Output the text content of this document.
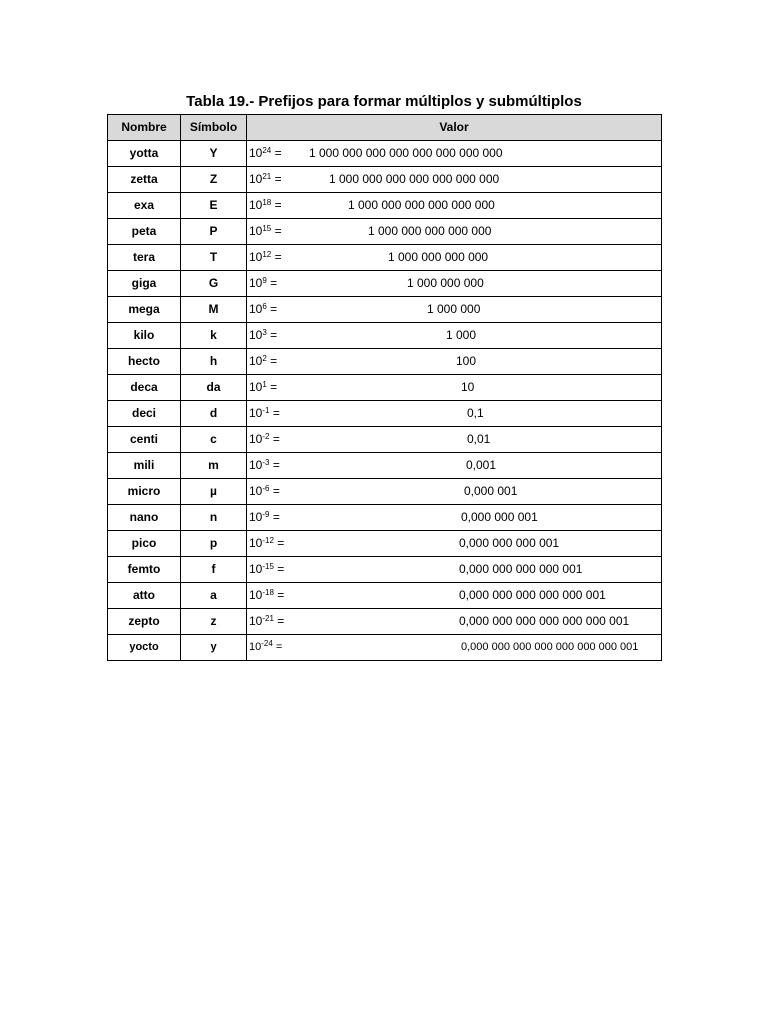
Tabla 19.- Prefijos para formar múltiplos y submúltiplos
Nombre	Símbolo	Valor
yotta	Y	$10^{24} = 1$ 000 000 000 000 000 000 000 000

zetta	Z	$10^{21} = 1$ 000 000 000 000 000 000 000

exa	E	$10^{18} = 1$ 000 000 000 000 000 000

peta	P	$10^{15} = 1$ 000 000 000 000 000

tera	T	$10^{12} = 1$ 000 000 000 000

giga	G	$10^9 = 1$ 000 000 000

mega	M	$10^6 = 1$ 000 000

kilo	k	$10^3 = 1$ 000

hecto	h	$10^2 = 100$

deca	da	$10^1 = 10$

deci	d	$10^{-1} = 0,1$

centi	c	$10^{-2} = 0,01$

mili	m	$10^{-3} = 0,001$

micro	µ	$10^{-6} = 0,000$ 001

nano	n	$10^{-9} = 0,000$ 000 001

pico	p	$10^{-12} = 0,000$ 000 000 001

femto	f	$10^{-15} = 0,000$ 000 000 000 001

atto	a	$10^{-18} = 0,000$ 000 000 000 000 001

zepto	z	$10^{-21} = 0,000$ 000 000 000 000 000 001

yocto	y	$10^{-24} = 0,000$ 000 000 000 000 000 000 001
